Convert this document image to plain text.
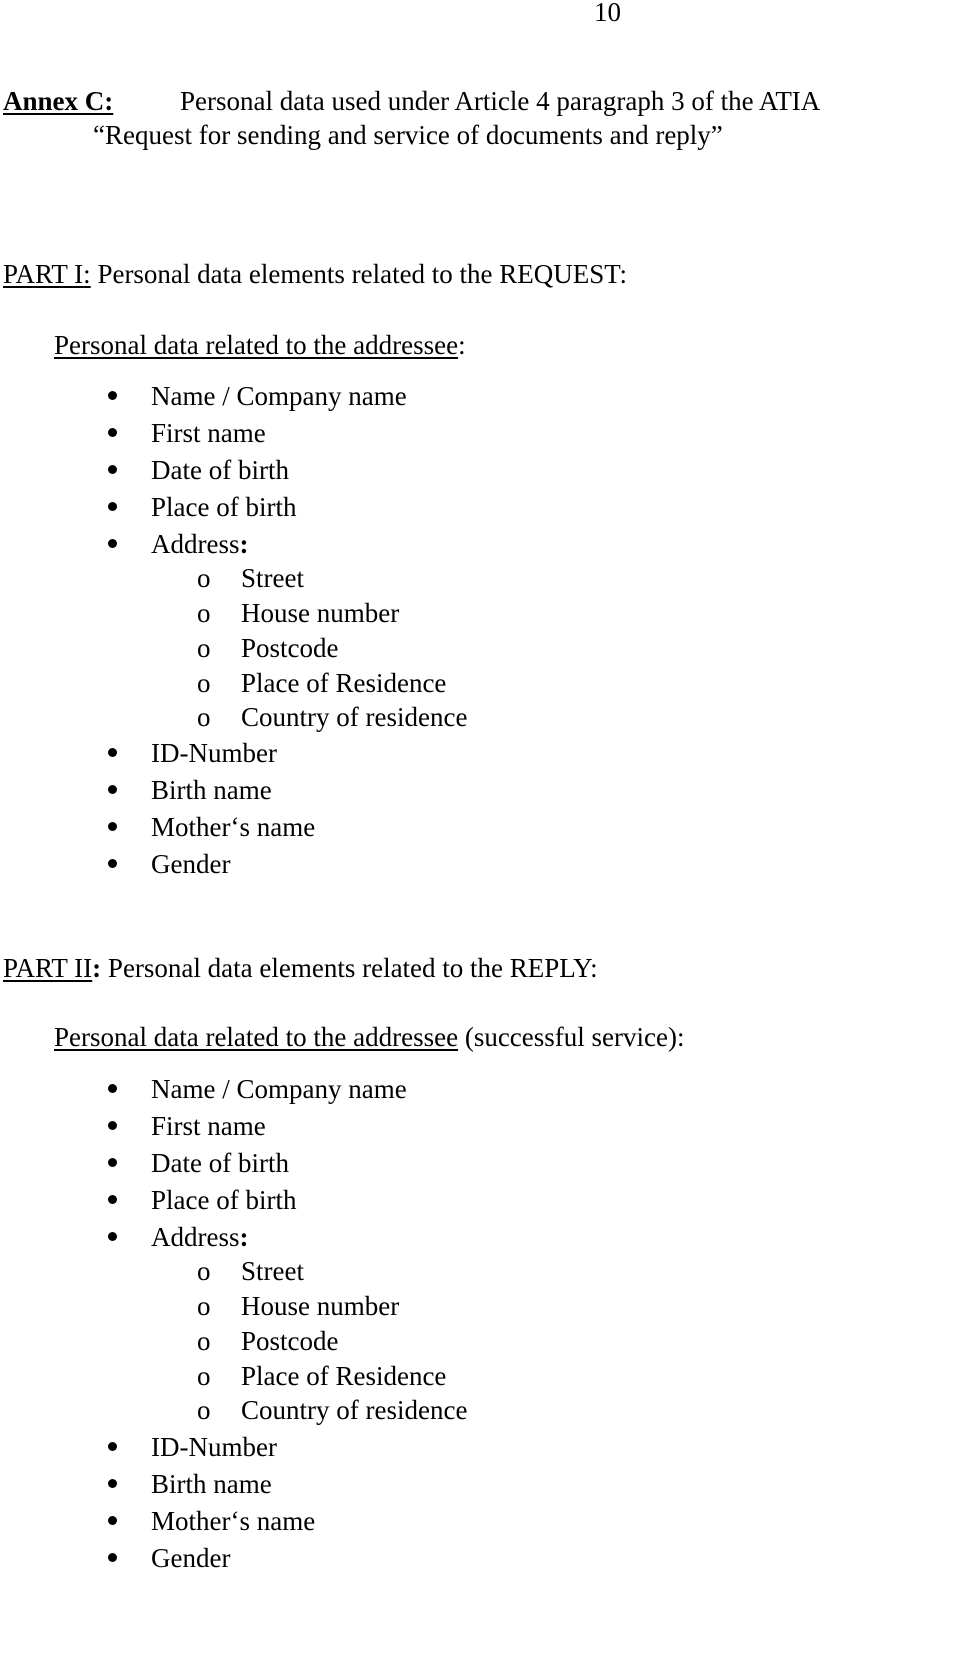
10
Annex C: Personal data used under Article 4 paragraph 3 of the ATIA
“Request for sending and service of documents and reply”
PART I: Personal data elements related to the REQUEST:
Personal data related to the addressee:
Name / Company name
First name
Date of birth
Place of birth
Address:
o Street
o House number
o Postcode
o Place of Residence
o Country of residence
ID-Number
Birth name
Mother‘s name
Gender
PART II: Personal data elements related to the REPLY:
Personal data related to the addressee (successful service):
Name / Company name
First name
Date of birth
Place of birth
Address:
o Street
o House number
o Postcode
o Place of Residence
o Country of residence
ID-Number
Birth name
Mother‘s name
Gender
